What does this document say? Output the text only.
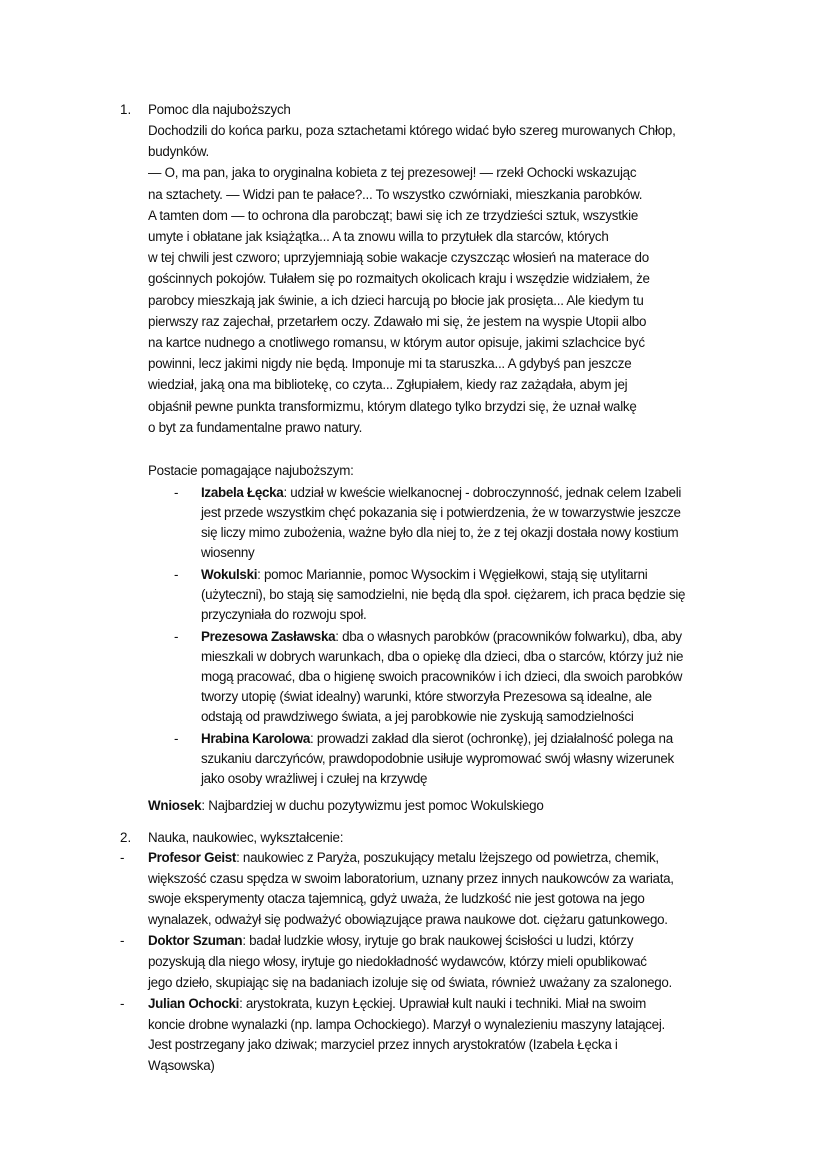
1. Pomoc dla najuboższych
Dochodzili do końca parku, poza sztachetami którego widać było szereg murowanych Chłop,
budynków.
— O, ma pan, jaka to oryginalna kobieta z tej prezesowej! — rzekł Ochocki wskazując
na sztachety. — Widzi pan te pałace?... To wszystko czwórniaki, mieszkania parobków.
A tamten dom — to ochrona dla parobcząt; bawi się ich ze trzydzieści sztuk, wszystkie
umyte i obłatane jak książątka... A ta znowu willa to przytułek dla starców, których
w tej chwili jest czworo; uprzyjemniają sobie wakacje czyszcząc włosień na materace do
gościnnych pokojów. Tułałem się po rozmaitych okolicach kraju i wszędzie widziałem, że
parobcy mieszkają jak świnie, a ich dzieci harcują po błocie jak prosięta... Ale kiedym tu
pierwszy raz zajechał, przetarłem oczy. Zdawało mi się, że jestem na wyspie Utopii albo
na kartce nudnego a cnotliwego romansu, w którym autor opisuje, jakimi szlachcice być
powinni, lecz jakimi nigdy nie będą. Imponuje mi ta staruszka... A gdybyś pan jeszcze
wiedział, jaką ona ma bibliotekę, co czyta... Zgłupiałem, kiedy raz zażądała, abym jej
objaśnił pewne punkta transformizmu, którym dlatego tylko brzydzi się, że uznał walkę
o byt za fundamentalne prawo natury.
Postacie pomagające najuboższym:
- Izabela Łęcka: udział w kweście wielkanocnej - dobroczynność, jednak celem Izabeli
jest przede wszystkim chęć pokazania się i potwierdzenia, że w towarzystwie jeszcze
się liczy mimo zubożenia, ważne było dla niej to, że z tej okazji dostała nowy kostium
wiosenny
- Wokulski: pomoc Mariannie, pomoc Wysockim i Węgiełkowi, stają się utylitarni
(użyteczni), bo stają się samodzielni, nie będą dla społ. ciężarem, ich praca będzie się
przyczyniała do rozwoju społ.
- Prezesowa Zasławska: dba o własnych parobków (pracowników folwarku), dba, aby
mieszkali w dobrych warunkach, dba o opiekę dla dzieci, dba o starców, którzy już nie
mogą pracować, dba o higienę swoich pracowników i ich dzieci, dla swoich parobków
tworzy utopię (świat idealny) warunki, które stworzyła Prezesowa są idealne, ale
odstają od prawdziwego świata, a jej parobkowie nie zyskują samodzielności
- Hrabina Karolowa: prowadzi zakład dla sierot (ochronkę), jej działalność polega na
szukaniu darczyńców, prawdopodobnie usiłuje wypromować swój własny wizerunek
jako osoby wrażliwej i czułej na krzywdę
Wniosek: Najbardziej w duchu pozytywizmu jest pomoc Wokulskiego
2. Nauka, naukowiec, wykształcenie:
- Profesor Geist: naukowiec z Paryża, poszukujący metalu lżejszego od powietrza, chemik,
większość czasu spędza w swoim laboratorium, uznany przez innych naukowców za wariata,
swoje eksperymenty otacza tajemnicą, gdyż uważa, że ludzkość nie jest gotowa na jego
wynalazek, odważył się podważyć obowiązujące prawa naukowe dot. ciężaru gatunkowego.
- Doktor Szuman: badał ludzkie włosy, irytuje go brak naukowej ścisłości u ludzi, którzy
pozyskują dla niego włosy, irytuje go niedokładność wydawców, którzy mieli opublikować
jego dzieło, skupiając się na badaniach izoluje się od świata, również uważany za szalonego.
- Julian Ochocki: arystokrata, kuzyn Łęckiej. Uprawiał kult nauki i techniki. Miał na swoim
koncie drobne wynalazki (np. lampa Ochockiego). Marzył o wynalezieniu maszyny latającej.
Jest postrzegany jako dziwak; marzyciel przez innych arystokratów (Izabela Łęcka i
Wąsowska)
